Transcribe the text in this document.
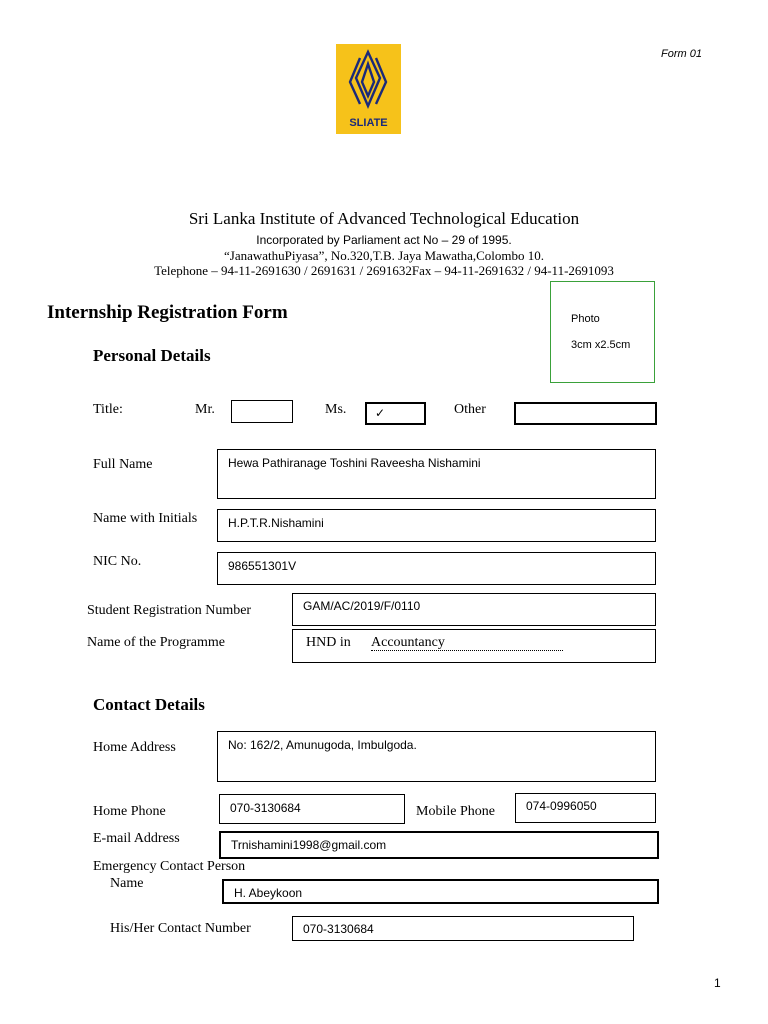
SLIATE
Form 01
Sri Lanka Institute of Advanced Technological Education
Incorporated by Parliament act No – 29 of 1995.
“JanawathuPiyasa”, No.320,T.B. Jaya Mawatha,Colombo 10.
Telephone – 94-11-2691630 / 2691631 / 2691632Fax – 94-11-2691632 / 94-11-2691093
Internship Registration Form	Photo
3cm x2.5cm
Personal Details
Title:	Mr.	Ms. ✓	Other
Full Name	Hewa Pathiranage Toshini Raveesha Nishamini
Name with Initials	H.P.T.R.Nishamini
NIC No.	986551301V
Student Registration Number	GAM/AC/2019/F/0110
Name of the Programme	HND in Accountancy
Contact Details
Home Address	No: 162/2, Amunugoda, Imbulgoda.
Home Phone	070-3130684	Mobile Phone	074-0996050
E-mail Address	Trnishamini1998@gmail.com
Emergency Contact Person
Name
H. Abeykoon
His/Her Contact Number	070-3130684
1
